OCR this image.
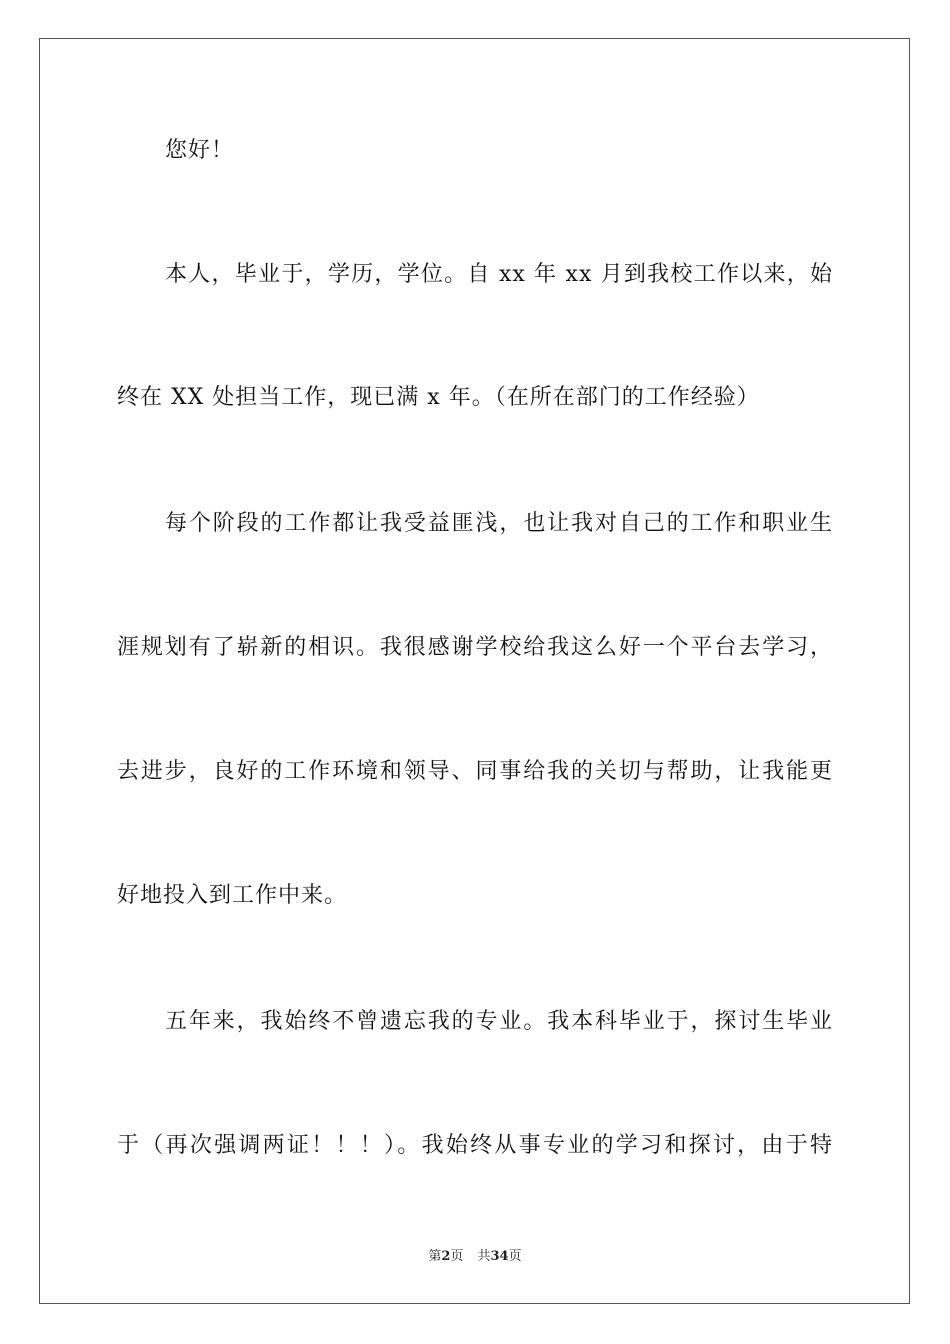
您好！
本人，毕业于，学历，学位。自 xx 年 xx 月到我校工作以来，始
终在 XX 处担当工作，现已满 x 年。（在所在部门的工作经验）
每个阶段的工作都让我受益匪浅，也让我对自己的工作和职业生
涯规划有了崭新的相识。我很感谢学校给我这么好一个平台去学习，
去进步，良好的工作环境和领导、同事给我的关切与帮助，让我能更
好地投入到工作中来。
五年来，我始终不曾遗忘我的专业。我本科毕业于，探讨生毕业
于（再次强调两证！！！）。我始终从事专业的学习和探讨，由于特
第2页 共34页
